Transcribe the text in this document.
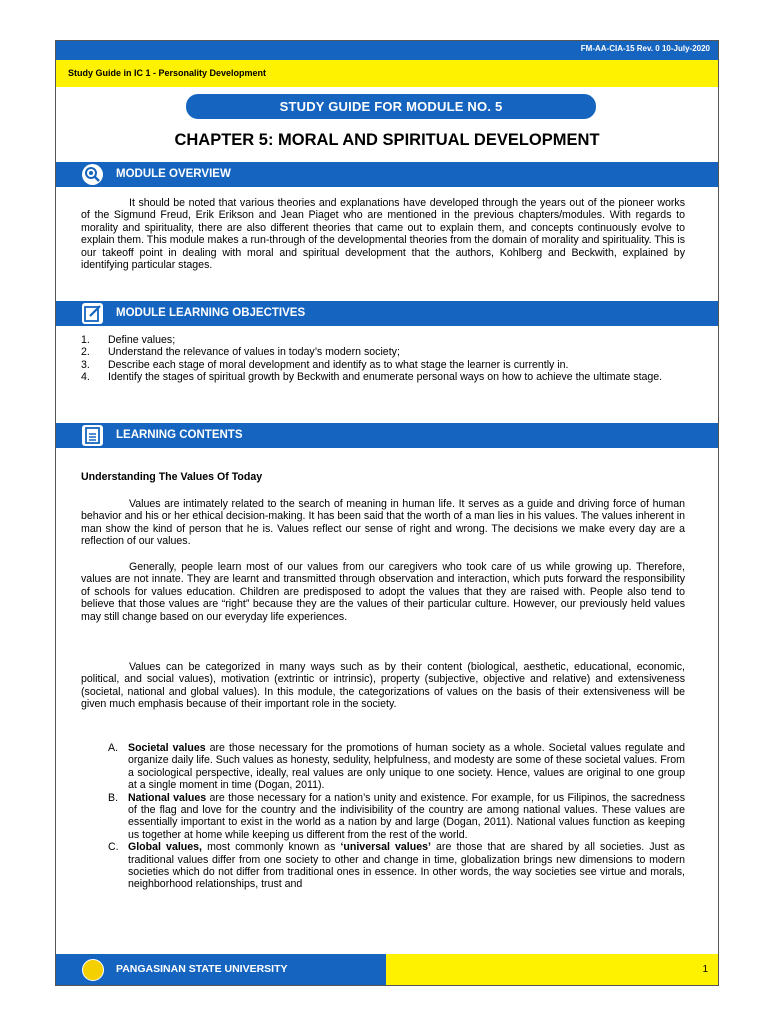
FM-AA-CIA-15 Rev. 0 10-July-2020
Study Guide in IC 1 - Personality Development
STUDY GUIDE FOR MODULE NO. 5
CHAPTER 5: MORAL AND SPIRITUAL DEVELOPMENT
MODULE OVERVIEW

It should be noted that various theories and explanations have developed through the years out of the pioneer works of the Sigmund Freud, Erik Erikson and Jean Piaget who are mentioned in the previous chapters/modules. With regards to morality and spirituality, there are also different theories that came out to explain them, and concepts continuously evolve to explain them. This module makes a run-through of the developmental theories from the domain of morality and spirituality. This is our takeoff point in dealing with moral and spiritual development that the authors, Kohlberg and Beckwith, explained by identifying particular stages.

MODULE LEARNING OBJECTIVES
1. Define values;
2. Understand the relevance of values in today’s modern society;
3. Describe each stage of moral development and identify as to what stage the learner is currently in.
4. Identify the stages of spiritual growth by Beckwith and enumerate personal ways on how to achieve the ultimate stage.
LEARNING CONTENTS
Understanding The Values Of Today

Values are intimately related to the search of meaning in human life. It serves as a guide and driving force of human behavior and his or her ethical decision-making. It has been said that the worth of a man lies in his values. The values inherent in man show the kind of person that he is. Values reflect our sense of right and wrong. The decisions we make every day are a reflection of our values.

Generally, people learn most of our values from our caregivers who took care of us while growing up. Therefore, values are not innate. They are learnt and transmitted through observation and interaction, which puts forward the responsibility of schools for values education. Children are predisposed to adopt the values that they are raised with. People also tend to believe that those values are “right” because they are the values of their particular culture. However, our previously held values may still change based on our everyday life experiences.

Values can be categorized in many ways such as by their content (biological, aesthetic, educational, economic, political, and social values), motivation (extrintic or intrinsic), property (subjective, objective and relative) and extensiveness (societal, national and global values). In this module, the categorizations of values on the basis of their extensiveness will be given much emphasis because of their important role in the society.

A. Societal values are those necessary for the promotions of human society as a whole. Societal values regulate and organize daily life. Such values as honesty, sedulity, helpfulness, and modesty are some of these societal values. From a sociological perspective, ideally, real values are only unique to one society. Hence, values are original to one group at a single moment in time (Dogan, 2011).
B. National values are those necessary for a nation’s unity and existence. For example, for us Filipinos, the sacredness of the flag and love for the country and the indivisibility of the country are among national values. These values are essentially important to exist in the world as a nation by and large (Dogan, 2011). National values function as keeping us together at home while keeping us different from the rest of the world.
C. Global values, most commonly known as ‘universal values’ are those that are shared by all societies. Just as traditional values differ from one society to other and change in time, globalization brings new dimensions to modern societies which do not differ from traditional ones in essence. In other words, the way societies see virtue and morals, neighborhood relationships, trust and
PANGASINAN STATE UNIVERSITY	1
